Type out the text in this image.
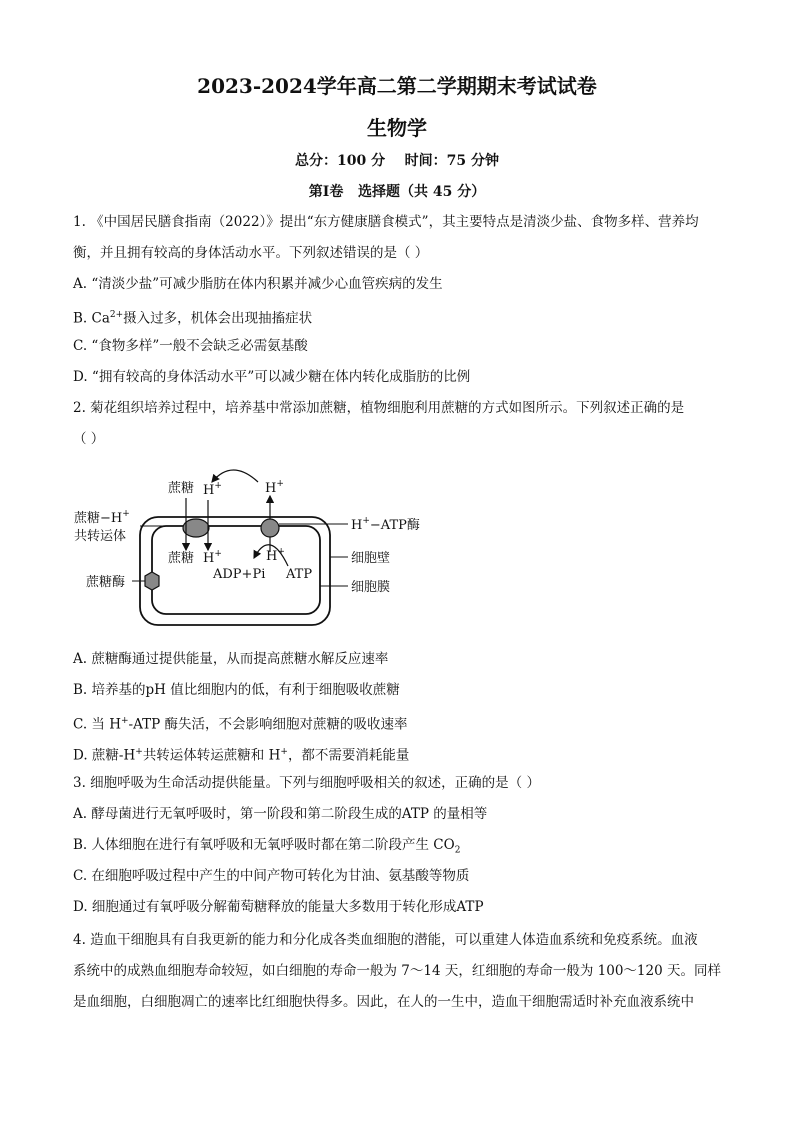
2023-2024学年高二第二学期期末考试试卷
生物学
总分：100 分    时间：75 分钟
第Ⅰ卷   选择题（共 45 分）
1. 《中国居民膳食指南（2022）》提出“东方健康膳食模式”，其主要特点是清淡少盐、食物多样、营养均
衡，并且拥有较高的身体活动水平。下列叙述错误的是（ ）
A. “清淡少盐”可减少脂肪在体内积累并减少心血管疾病的发生
B. $Ca^{2+}$摄入过多，机体会出现抽搐症状
C. “食物多样”一般不会缺乏必需氨基酸
D. “拥有较高的身体活动水平”可以减少糖在体内转化成脂肪的比例
2. 菊花组织培养过程中，培养基中常添加蔗糖，植物细胞利用蔗糖的方式如图所示。下列叙述正确的是
（ ）
蔗糖 H+	H+
蔗糖 H+	H+
ADP+Pi ATP
蔗糖−H+
共转运体
蔗糖酶
H+−ATP酶
细胞壁
细胞膜
A. 蔗糖酶通过提供能量，从而提高蔗糖水解反应速率
B. 培养基的pH 值比细胞内的低，有利于细胞吸收蔗糖
C. 当 H+-ATP 酶失活，不会影响细胞对蔗糖的吸收速率
D. 蔗糖-H+共转运体转运蔗糖和 H+，都不需要消耗能量
3. 细胞呼吸为生命活动提供能量。下列与细胞呼吸相关的叙述，正确的是（ ）
A. 酵母菌进行无氧呼吸时，第一阶段和第二阶段生成的ATP 的量相等
B. 人体细胞在进行有氧呼吸和无氧呼吸时都在第二阶段产生 $CO_2$
C. 在细胞呼吸过程中产生的中间产物可转化为甘油、氨基酸等物质
D. 细胞通过有氧呼吸分解葡萄糖释放的能量大多数用于转化形成ATP
4. 造血干细胞具有自我更新的能力和分化成各类血细胞的潜能，可以重建人体造血系统和免疫系统。血液
系统中的成熟血细胞寿命较短，如白细胞的寿命一般为 7～14 天，红细胞的寿命一般为 100～120 天。同样
是血细胞，白细胞凋亡的速率比红细胞快得多。因此，在人的一生中，造血干细胞需适时补充血液系统中
